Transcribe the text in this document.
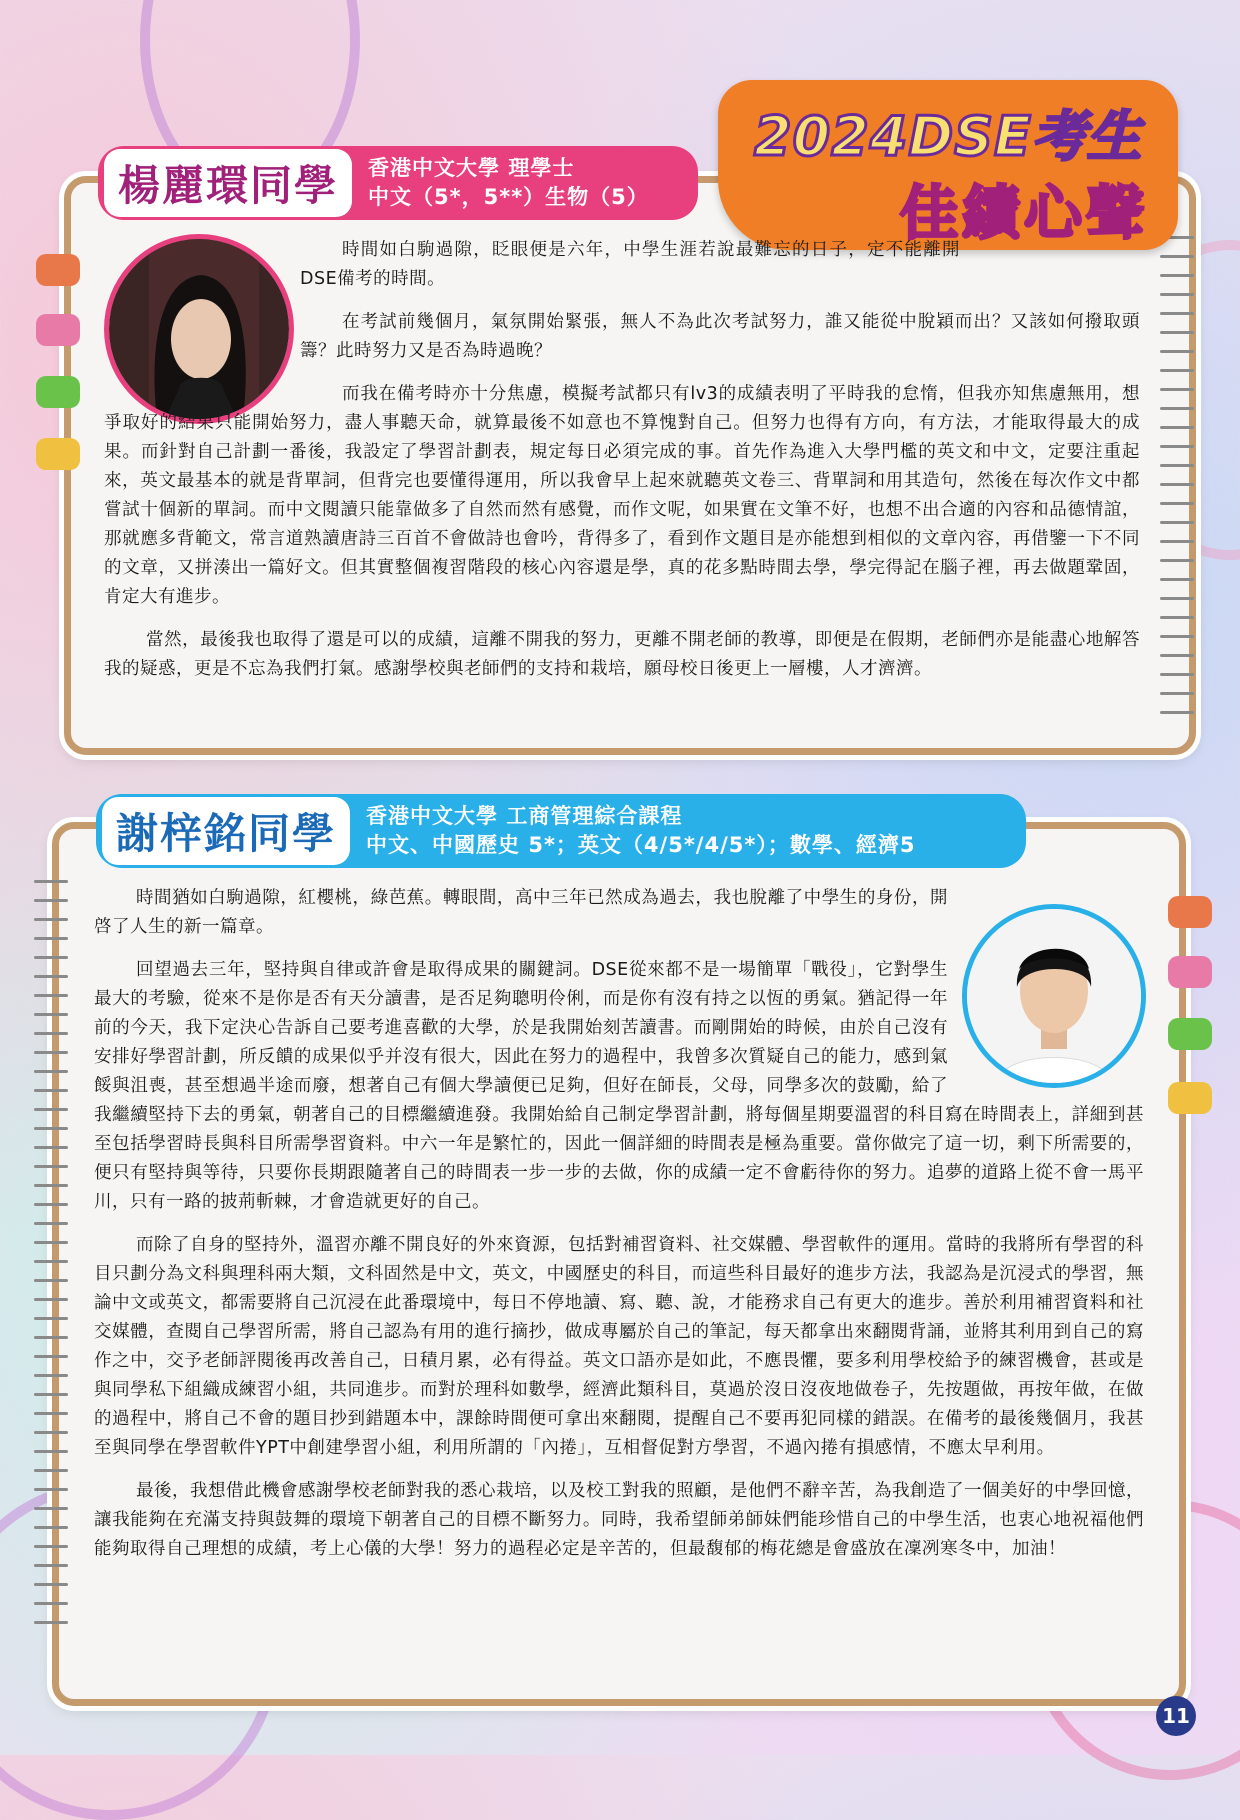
2024DSE考生
佳績心聲
楊麗環同學	香港中文大學 理學士
中文（5*，5**）生物（5）

時間如白駒過隙，眨眼便是六年，中學生涯若說最難忘的日子，定不能離開DSE備考的時間。

在考試前幾個月，氣氛開始緊張，無人不為此次考試努力，誰又能從中脫穎而出？又該如何撥取頭籌？此時努力又是否為時過晚？

而我在備考時亦十分焦慮，模擬考試都只有lv3的成績表明了平時我的怠惰，但我亦知焦慮無用，想爭取好的結果只能開始努力，盡人事聽天命，就算最後不如意也不算愧對自己。但努力也得有方向，有方法，才能取得最大的成果。而針對自己計劃一番後，我設定了學習計劃表，規定每日必須完成的事。首先作為進入大學門檻的英文和中文，定要注重起來，英文最基本的就是背單詞，但背完也要懂得運用，所以我會早上起來就聽英文卷三、背單詞和用其造句，然後在每次作文中都嘗試十個新的單詞。而中文閱讀只能靠做多了自然而然有感覺，而作文呢，如果實在文筆不好，也想不出合適的內容和品德情誼，那就應多背範文，常言道熟讀唐詩三百首不會做詩也會吟，背得多了，看到作文題目是亦能想到相似的文章內容，再借鑒一下不同的文章，又拼湊出一篇好文。但其實整個複習階段的核心內容還是學，真的花多點時間去學，學完得記在腦子裡，再去做題鞏固，肯定大有進步。

當然，最後我也取得了還是可以的成績，這離不開我的努力，更離不開老師的教導，即便是在假期，老師們亦是能盡心地解答我的疑惑，更是不忘為我們打氣。感謝學校與老師們的支持和栽培，願母校日後更上一層樓，人才濟濟。

謝梓銘同學	香港中文大學 工商管理綜合課程
中文、中國歷史 5*；英文（4/5*/4/5*）；數學、經濟5

時間猶如白駒過隙，紅櫻桃，綠芭蕉。轉眼間，高中三年已然成為過去，我也脫離了中學生的身份，開啓了人生的新一篇章。

回望過去三年，堅持與自律或許會是取得成果的關鍵詞。DSE從來都不是一場簡單「戰役」，它對學生最大的考驗，從來不是你是否有天分讀書，是否足夠聰明伶俐，而是你有沒有持之以恆的勇氣。猶記得一年前的今天，我下定決心告訴自己要考進喜歡的大學，於是我開始刻苦讀書。而剛開始的時候，由於自己沒有安排好學習計劃，所反饋的成果似乎并沒有很大，因此在努力的過程中，我曾多次質疑自己的能力，感到氣餒與沮喪，甚至想過半途而廢，想著自己有個大學讀便已足夠，但好在師長，父母，同學多次的鼓勵，給了我繼續堅持下去的勇氣，朝著自己的目標繼續進發。我開始給自己制定學習計劃，將每個星期要溫習的科目寫在時間表上，詳細到甚至包括學習時長與科目所需學習資料。中六一年是繁忙的，因此一個詳細的時間表是極為重要。當你做完了這一切，剩下所需要的，便只有堅持與等待，只要你長期跟隨著自己的時間表一步一步的去做，你的成績一定不會虧待你的努力。追夢的道路上從不會一馬平川，只有一路的披荊斬棘，才會造就更好的自己。

而除了自身的堅持外，溫習亦離不開良好的外來資源，包括對補習資料、社交媒體、學習軟件的運用。當時的我將所有學習的科目只劃分為文科與理科兩大類，文科固然是中文，英文，中國歷史的科目，而這些科目最好的進步方法，我認為是沉浸式的學習，無論中文或英文，都需要將自己沉浸在此番環境中，每日不停地讀、寫、聽、說，才能務求自己有更大的進步。善於利用補習資料和社交媒體，查閱自己學習所需，將自己認為有用的進行摘抄，做成專屬於自己的筆記，每天都拿出來翻閱背誦，並將其利用到自己的寫作之中，交予老師評閱後再改善自己，日積月累，必有得益。英文口語亦是如此，不應畏懼，要多利用學校給予的練習機會，甚或是與同學私下組織成練習小組，共同進步。而對於理科如數學，經濟此類科目，莫過於沒日沒夜地做卷子，先按題做，再按年做，在做的過程中，將自己不會的題目抄到錯題本中，課餘時間便可拿出來翻閱，提醒自己不要再犯同樣的錯誤。在備考的最後幾個月，我甚至與同學在學習軟件YPT中創建學習小組，利用所謂的「內捲」，互相督促對方學習，不過內捲有損感情，不應太早利用。

最後，我想借此機會感謝學校老師對我的悉心栽培，以及校工對我的照顧，是他們不辭辛苦，為我創造了一個美好的中學回憶，讓我能夠在充滿支持與鼓舞的環境下朝著自己的目標不斷努力。同時，我希望師弟師妹們能珍惜自己的中學生活，也衷心地祝福他們能夠取得自己理想的成績，考上心儀的大學！努力的過程必定是辛苦的，但最馥郁的梅花總是會盛放在凜冽寒冬中，加油！

11
